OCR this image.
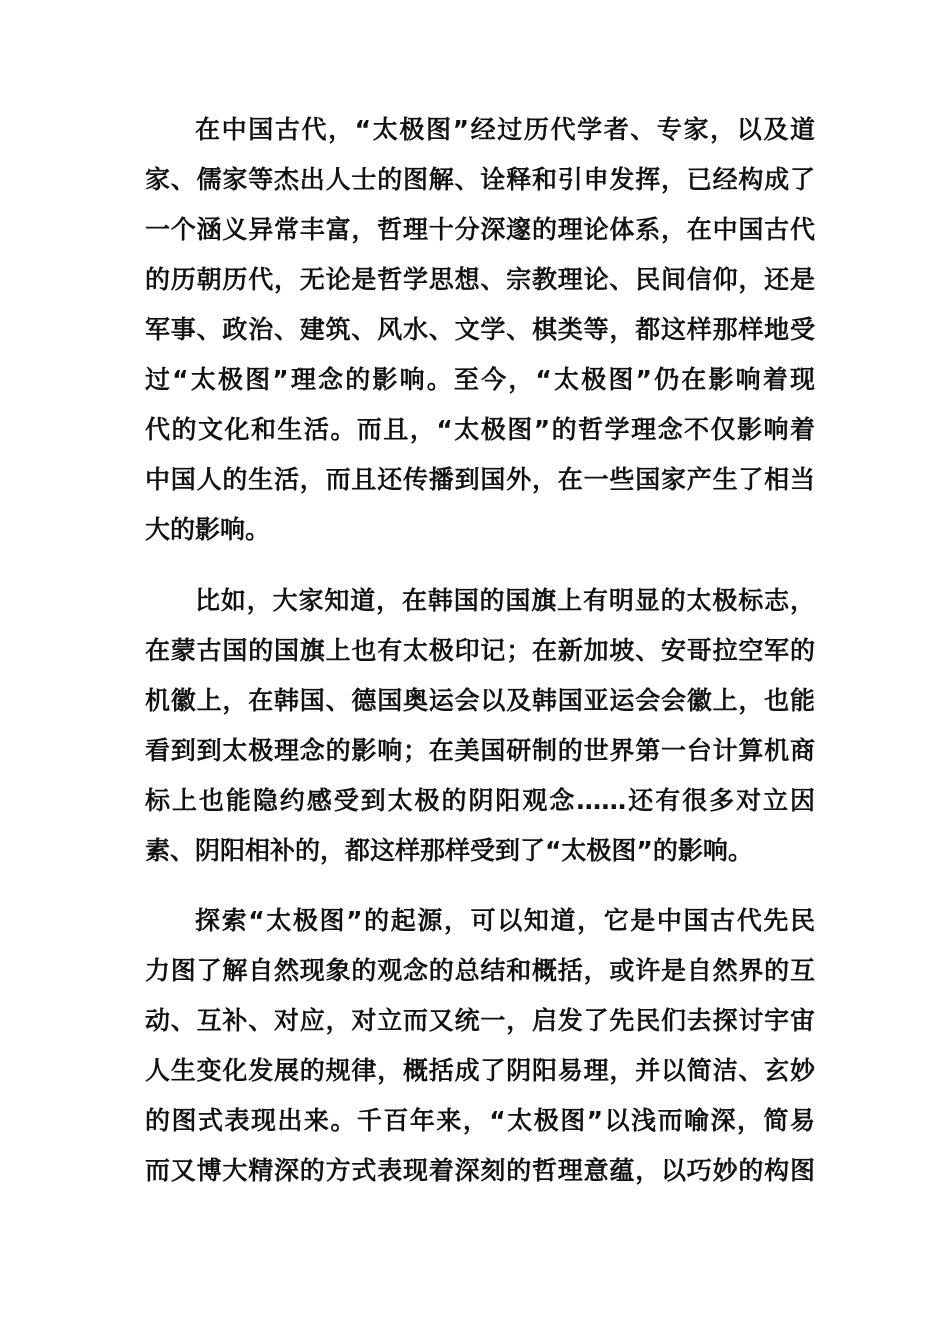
在中国古代，“太极图”经过历代学者、专家，以及道
家、儒家等杰出人士的图解、诠释和引申发挥，已经构成了
一个涵义异常丰富，哲理十分深邃的理论体系，在中国古代
的历朝历代，无论是哲学思想、宗教理论、民间信仰，还是
军事、政治、建筑、风水、文学、棋类等，都这样那样地受
过“太极图”理念的影响。至今，“太极图”仍在影响着现
代的文化和生活。而且，“太极图”的哲学理念不仅影响着
中国人的生活，而且还传播到国外，在一些国家产生了相当
大的影响。
比如，大家知道，在韩国的国旗上有明显的太极标志，
在蒙古国的国旗上也有太极印记；在新加坡、安哥拉空军的
机徽上，在韩国、德国奥运会以及韩国亚运会会徽上，也能
看到到太极理念的影响；在美国研制的世界第一台计算机商
标上也能隐约感受到太极的阴阳观念……还有很多对立因
素、阴阳相补的，都这样那样受到了“太极图”的影响。
探索“太极图”的起源，可以知道，它是中国古代先民
力图了解自然现象的观念的总结和概括，或许是自然界的互
动、互补、对应，对立而又统一，启发了先民们去探讨宇宙
人生变化发展的规律，概括成了阴阳易理，并以简洁、玄妙
的图式表现出来。千百年来，“太极图”以浅而喻深，简易
而又博大精深的方式表现着深刻的哲理意蕴，以巧妙的构图
